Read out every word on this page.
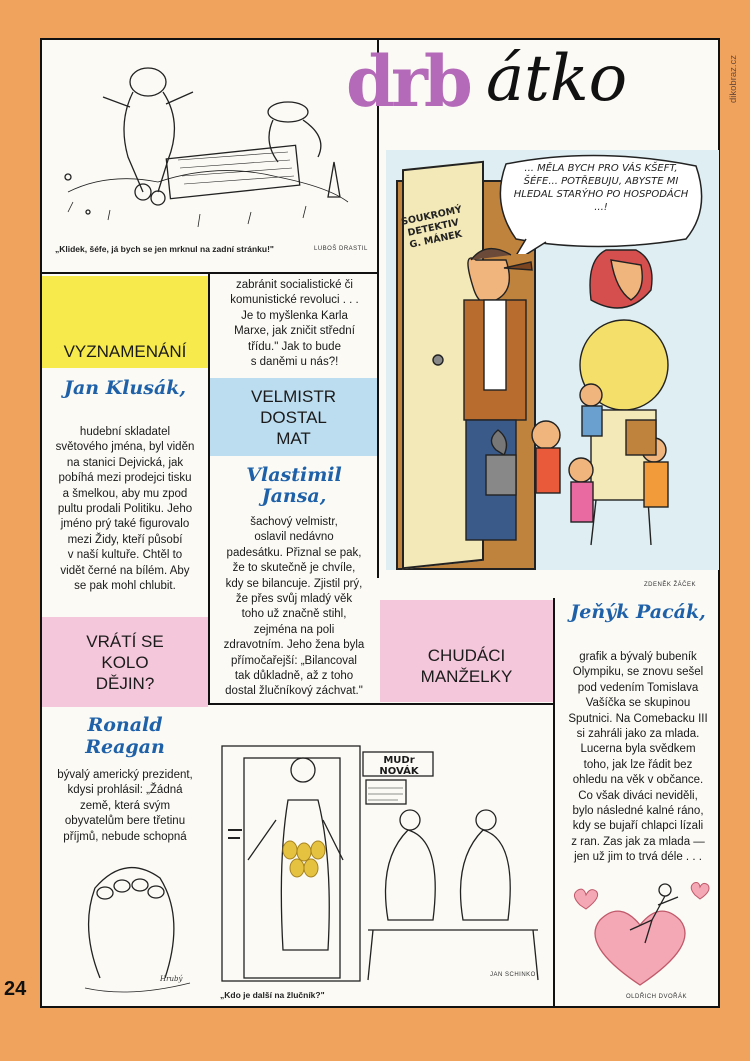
dikobraz.cz
drb átko
„Klidek, šéfe, já bych se jen mrknul na zadní stránku!"	LUBOŠ DRASTIL
SOUKROMÝ DETEKTIV G. MÁNEK
... MĚLA BYCH PRO VÁS KŠEFT, ŠÉFE... POTŘEBUJU, ABYSTE MI HLEDAL STARÝHO PO HOSPODÁCH ...!
ZDENĚK ŽÁČEK
VYZNAMENÁNÍ
Jan Klusák,
hudební skladatel
světového jména, byl viděn
na stanici Dejvická, jak
pobíhá mezi prodejci tisku
a šmelkou, aby mu zpod
pultu prodali Politiku. Jeho
jméno prý také figurovalo
mezi Židy, kteří působí
v naší kultuře. Chtěl to
vidět černé na bílém. Aby
se pak mohl chlubit.
VRÁTÍ SE
KOLO
DĚJIN?
Ronald Reagan
bývalý americký prezident,
kdysi prohlásil: „Žádná
země, která svým
obyvatelům bere třetinu
příjmů, nebude schopná
Hrubý
zabránit socialistické či
komunistické revoluci . . .
Je to myšlenka Karla
Marxe, jak zničit střední
třídu." Jak to bude
s daněmi u nás?!
VELMISTR
DOSTAL
MAT
Vlastimil Jansa,
šachový velmistr,
oslavil nedávno
padesátku. Přiznal se pak,
že to skutečně je chvíle,
kdy se bilancuje. Zjistil prý,
že přes svůj mladý věk
toho už značně stihl,
zejména na poli
zdravotním. Jeho žena byla
přímočařejší: „Bilancoval
tak důkladně, až z toho
dostal žlučníkový záchvat."
CHUDÁCI
MANŽELKY
Jeňýk Pacák,
grafik a bývalý bubeník
Olympiku, se znovu sešel
pod vedením Tomislava
Vašíčka se skupinou
Sputnici. Na Comebacku III
si zahráli jako za mlada.
Lucerna byla svědkem
toho, jak lze řádit bez
ohledu na věk v občance.
Co však diváci neviděli,
bylo následné kalné ráno,
kdy se bujaří chlapci lízali
z ran. Zas jak za mlada —
jen už jim to trvá déle . . .
OLDŘICH DVOŘÁK
MUDr NOVÁK
„Kdo je další na žlučník?"
JAN SCHINKO
24
